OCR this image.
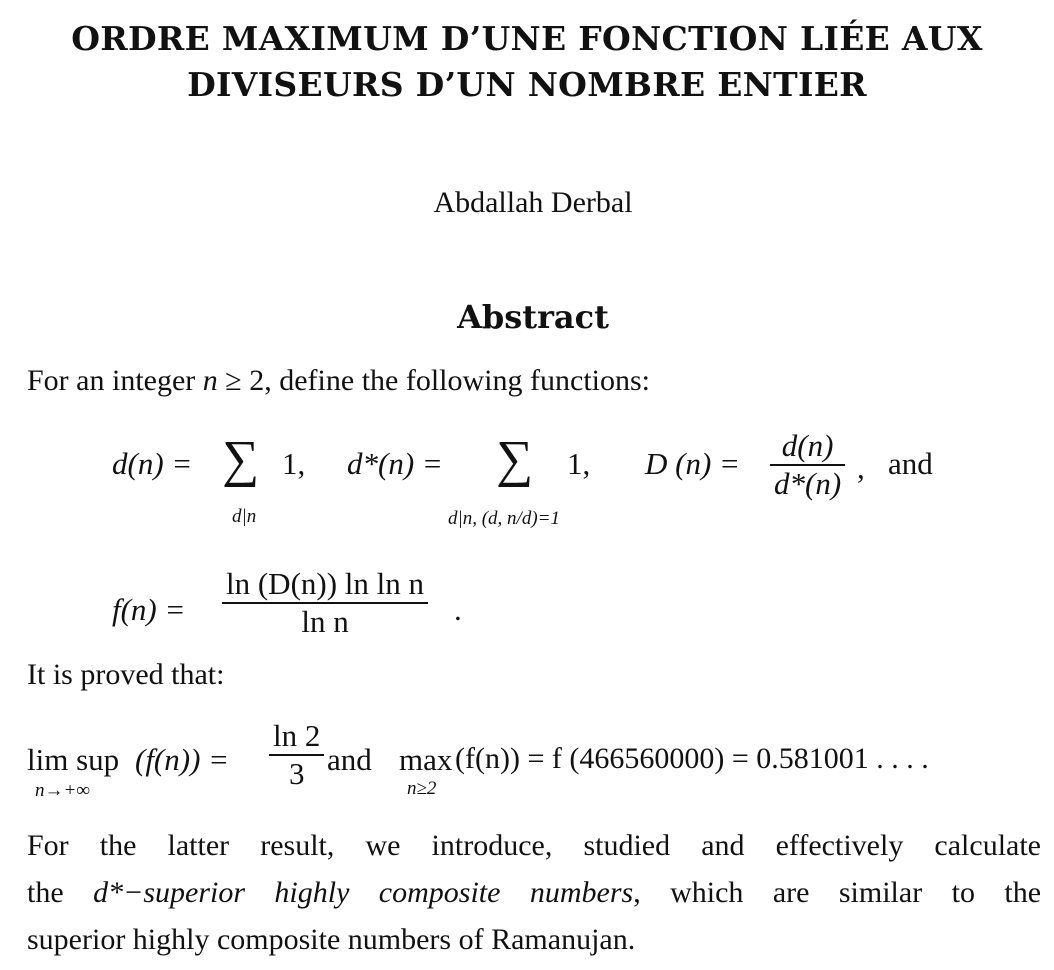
ORDRE MAXIMUM D’UNE FONCTION LIÉE AUX
DIVISEURS D’UN NOMBRE ENTIER
Abdallah Derbal
Abstract
For an integer n ≥ 2, define the following functions:
d(n) = ∑
d|n
1, d*(n) = ∑
d|n, (d, n/d)=1
1, D $(n) = \frac{d(n)}{d*(n)}$ , and
$f(n) = \frac{\text{ln (D(n)) ln ln n}}{\text{ln n}}$ .
It is proved that:
lim sup
n→+∞
$(f(n)) = \frac{\ln 2}{3}$ and max
n≥2
(f(n)) = f (466560000) = 0.581001 . . . .
For the latter result, we introduce, studied and effectively calculate
the d*−superior highly composite numbers, which are similar to the
superior highly composite numbers of Ramanujan.
